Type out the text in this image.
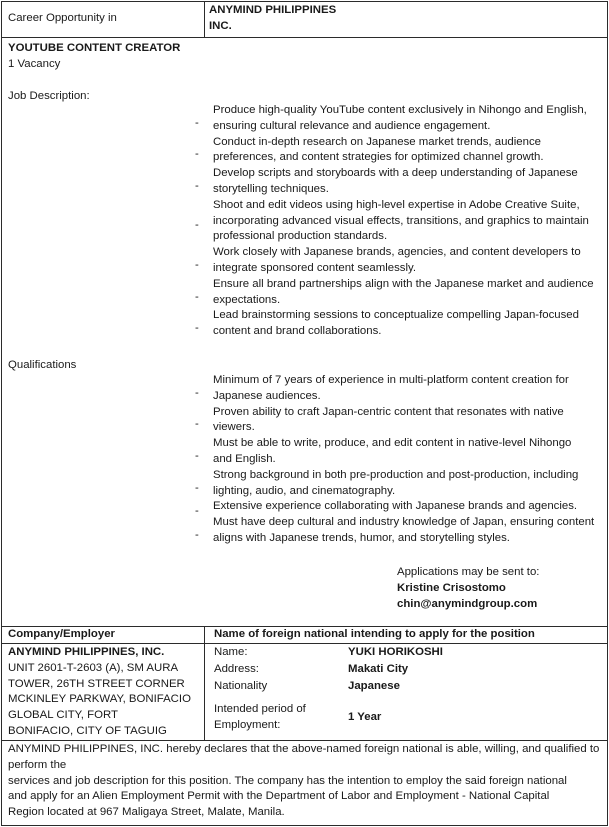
Career Opportunity in
ANYMIND PHILIPPINES
INC.
YOUTUBE CONTENT CREATOR
1 Vacancy
Job Description:
-
Produce high-quality YouTube content exclusively in Nihongo and English,
ensuring cultural relevance and audience engagement.
-
Conduct in-depth research on Japanese market trends, audience
preferences, and content strategies for optimized channel growth.
-
Develop scripts and storyboards with a deep understanding of Japanese
storytelling techniques.
-
Shoot and edit videos using high-level expertise in Adobe Creative Suite,
incorporating advanced visual effects, transitions, and graphics to maintain
professional production standards.
-
Work closely with Japanese brands, agencies, and content developers to
integrate sponsored content seamlessly.
-
Ensure all brand partnerships align with the Japanese market and audience
expectations.
-
Lead brainstorming sessions to conceptualize compelling Japan-focused
content and brand collaborations.
Qualifications
-
Minimum of 7 years of experience in multi-platform content creation for
Japanese audiences.
-
Proven ability to craft Japan-centric content that resonates with native
viewers.
-
Must be able to write, produce, and edit content in native-level Nihongo
and English.
-
Strong background in both pre-production and post-production, including
lighting, audio, and cinematography.
- Extensive experience collaborating with Japanese brands and agencies.
-
Must have deep cultural and industry knowledge of Japan, ensuring content
aligns with Japanese trends, humor, and storytelling styles.
Applications may be sent to:
Kristine Crisostomo
chin@anymindgroup.com
Company/Employer	Name of foreign national intending to apply for the position
ANYMIND PHILIPPINES, INC.
UNIT 2601-T-2603 (A), SM AURA
TOWER, 26TH STREET CORNER
MCKINLEY PARKWAY, BONIFACIO
GLOBAL CITY, FORT
BONIFACIO, CITY OF TAGUIG
Name:	YUKI HORIKOSHI
Address:	Makati City
Nationality	Japanese
Intended period of
Employment:
1 Year
ANYMIND PHILIPPINES, INC. hereby declares that the above-named foreign national is able, willing, and qualified to
perform the
services and job description for this position. The company has the intention to employ the said foreign national
and apply for an Alien Employment Permit with the Department of Labor and Employment - National Capital
Region located at 967 Maligaya Street, Malate, Manila.
